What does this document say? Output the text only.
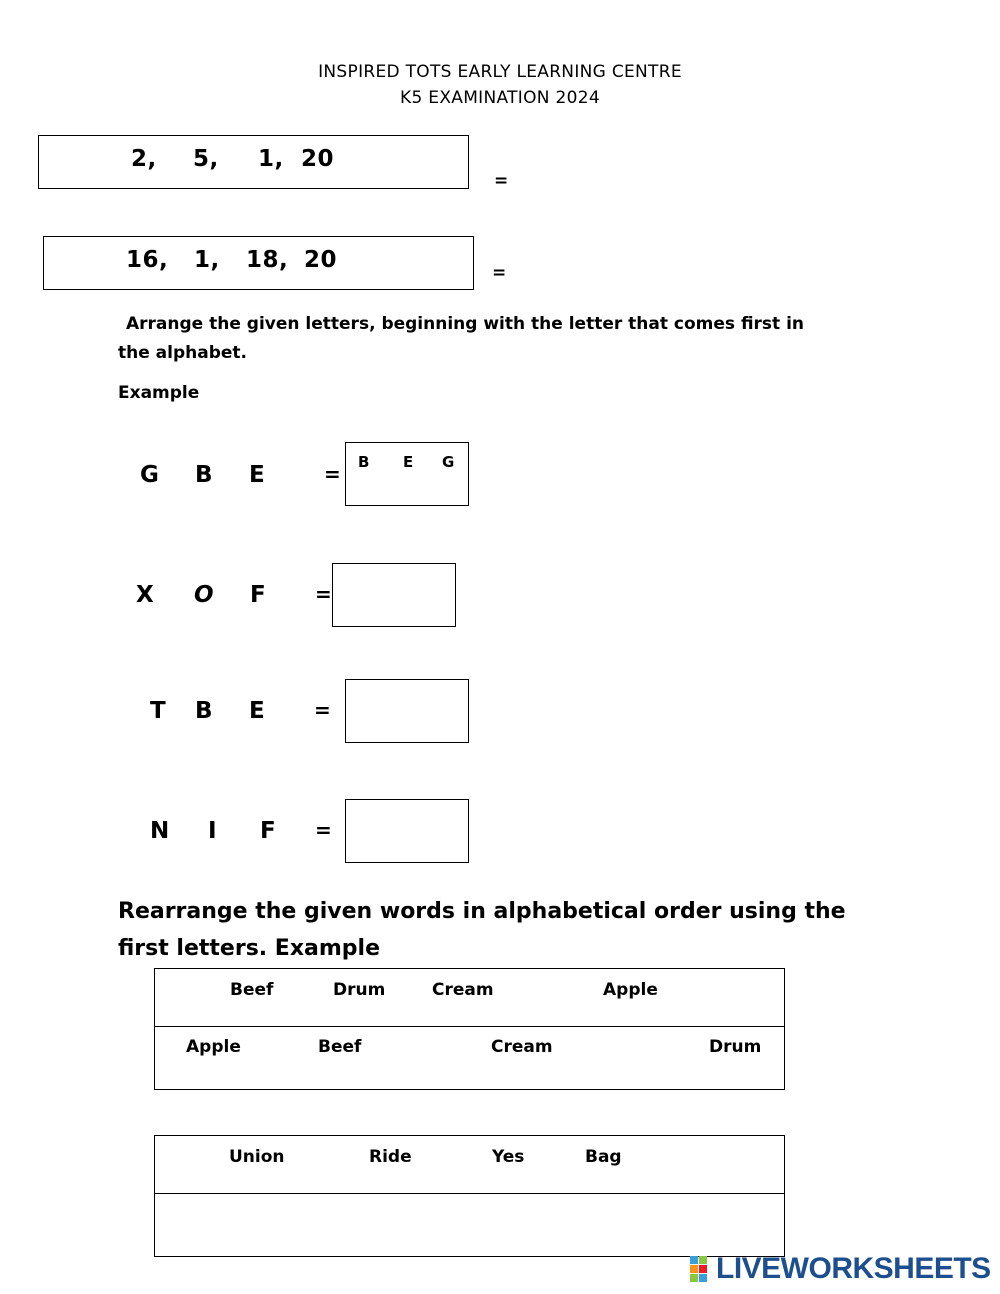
INSPIRED TOTS EARLY LEARNING CENTRE
K5 EXAMINATION 2024
2, 5, 1, 20
=
16, 1, 18, 20	=
Arrange the given letters, beginning with the letter that comes first in the alphabet.
Example
G B E	= B E G
X O F =
T B E =
N I F =
Rearrange the given words in alphabetical order using the first letters. Example
Beef	Drum	Cream	Apple
Apple	Beef	Cream	Drum
Union	Ride	Yes	Bag
LIVEWORKSHEETS
